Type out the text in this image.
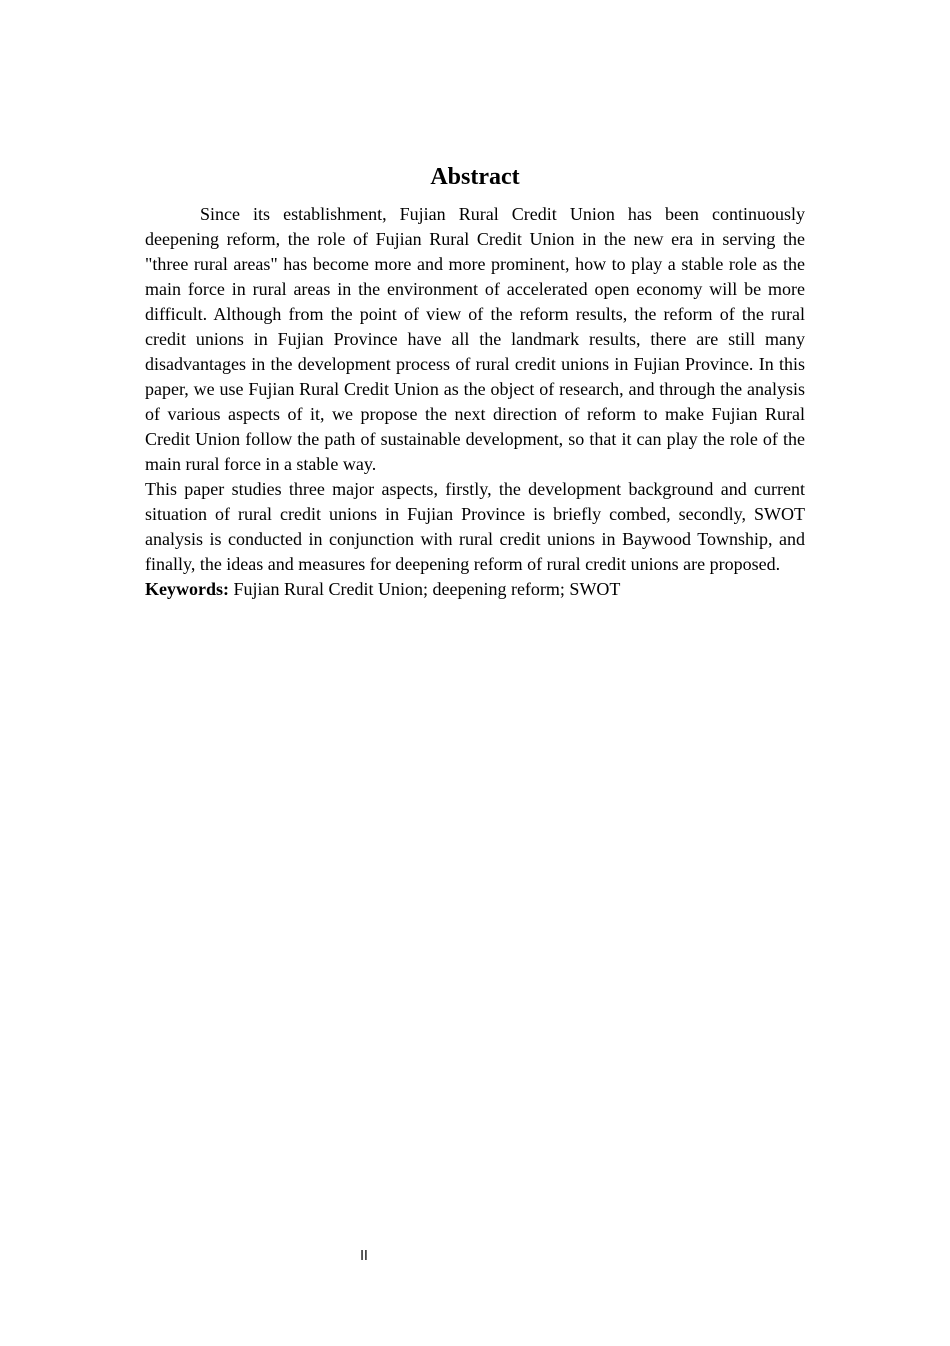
Abstract

Since its establishment, Fujian Rural Credit Union has been continuously deepening reform, the role of Fujian Rural Credit Union in the new era in serving the "three rural areas" has become more and more prominent, how to play a stable role as the main force in rural areas in the environment of accelerated open economy will be more difficult. Although from the point of view of the reform results, the reform of the rural credit unions in Fujian Province have all the landmark results, there are still many disadvantages in the development process of rural credit unions in Fujian Province. In this paper, we use Fujian Rural Credit Union as the object of research, and through the analysis of various aspects of it, we propose the next direction of reform to make Fujian Rural Credit Union follow the path of sustainable development, so that it can play the role of the main rural force in a stable way.

This paper studies three major aspects, firstly, the development background and current situation of rural credit unions in Fujian Province is briefly combed, secondly, SWOT analysis is conducted in conjunction with rural credit unions in Baywood Township, and finally, the ideas and measures for deepening reform of rural credit unions are proposed.

Keywords: Fujian Rural Credit Union; deepening reform; SWOT

II
